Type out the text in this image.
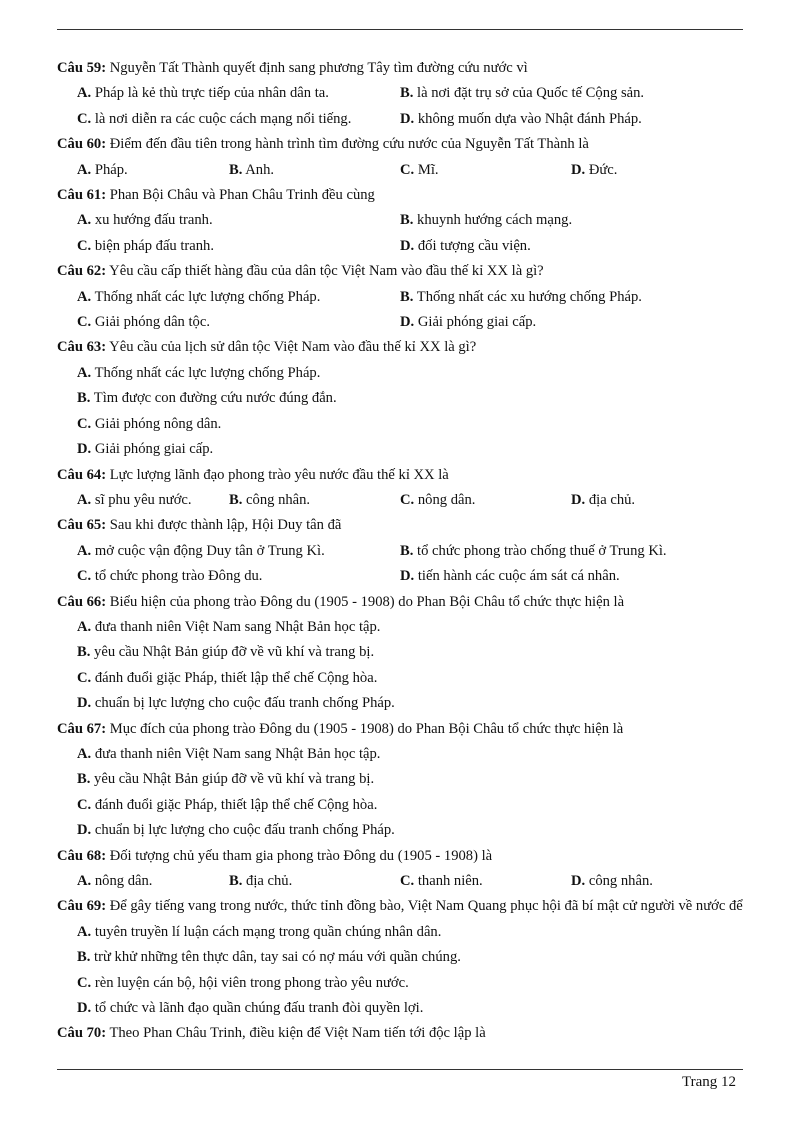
Câu 59: Nguyễn Tất Thành quyết định sang phương Tây tìm đường cứu nước vì
A. Pháp là kẻ thù trực tiếp của nhân dân ta.	B. là nơi đặt trụ sở của Quốc tế Cộng sản.
C. là nơi diễn ra các cuộc cách mạng nổi tiếng.	D. không muốn dựa vào Nhật đánh Pháp.
Câu 60: Điểm đến đầu tiên trong hành trình tìm đường cứu nước của Nguyễn Tất Thành là
A. Pháp.	B. Anh.	C. Mĩ.	D. Đức.
Câu 61: Phan Bội Châu và Phan Châu Trinh đều cùng
A. xu hướng đấu tranh.	B. khuynh hướng cách mạng.
C. biện pháp đấu tranh.	D. đối tượng cầu viện.
Câu 62: Yêu cầu cấp thiết hàng đầu của dân tộc Việt Nam vào đầu thế kỉ XX là gì?
A. Thống nhất các lực lượng chống Pháp.	B. Thống nhất các xu hướng chống Pháp.
C. Giải phóng dân tộc.	D. Giải phóng giai cấp.
Câu 63: Yêu cầu của lịch sử dân tộc Việt Nam vào đầu thế kỉ XX là gì?
A. Thống nhất các lực lượng chống Pháp.
B. Tìm được con đường cứu nước đúng đắn.
C. Giải phóng nông dân.
D. Giải phóng giai cấp.
Câu 64: Lực lượng lãnh đạo phong trào yêu nước đầu thế kỉ XX là
A. sĩ phu yêu nước.	B. công nhân.	C. nông dân.	D. địa chủ.
Câu 65: Sau khi được thành lập, Hội Duy tân đã
A. mở cuộc vận động Duy tân ở Trung Kì.	B. tổ chức phong trào chống thuế ở Trung Kì.
C. tổ chức phong trào Đông du.	D. tiến hành các cuộc ám sát cá nhân.
Câu 66: Biểu hiện của phong trào Đông du (1905 - 1908) do Phan Bội Châu tổ chức thực hiện là
A. đưa thanh niên Việt Nam sang Nhật Bản học tập.
B. yêu cầu Nhật Bản giúp đỡ về vũ khí và trang bị.
C. đánh đuổi giặc Pháp, thiết lập thể chế Cộng hòa.
D. chuẩn bị lực lượng cho cuộc đấu tranh chống Pháp.
Câu 67: Mục đích của phong trào Đông du (1905 - 1908) do Phan Bội Châu tổ chức thực hiện là
A. đưa thanh niên Việt Nam sang Nhật Bản học tập.
B. yêu cầu Nhật Bản giúp đỡ về vũ khí và trang bị.
C. đánh đuổi giặc Pháp, thiết lập thể chế Cộng hòa.
D. chuẩn bị lực lượng cho cuộc đấu tranh chống Pháp.
Câu 68: Đối tượng chủ yếu tham gia phong trào Đông du (1905 - 1908) là
A. nông dân.	B. địa chủ.	C. thanh niên.	D. công nhân.
Câu 69: Để gây tiếng vang trong nước, thức tỉnh đồng bào, Việt Nam Quang phục hội đã bí mật cử người về nước để
A. tuyên truyền lí luận cách mạng trong quần chúng nhân dân.
B. trừ khử những tên thực dân, tay sai có nợ máu với quần chúng.
C. rèn luyện cán bộ, hội viên trong phong trào yêu nước.
D. tổ chức và lãnh đạo quần chúng đấu tranh đòi quyền lợi.
Câu 70: Theo Phan Châu Trinh, điều kiện để Việt Nam tiến tới độc lập là
Trang 12
